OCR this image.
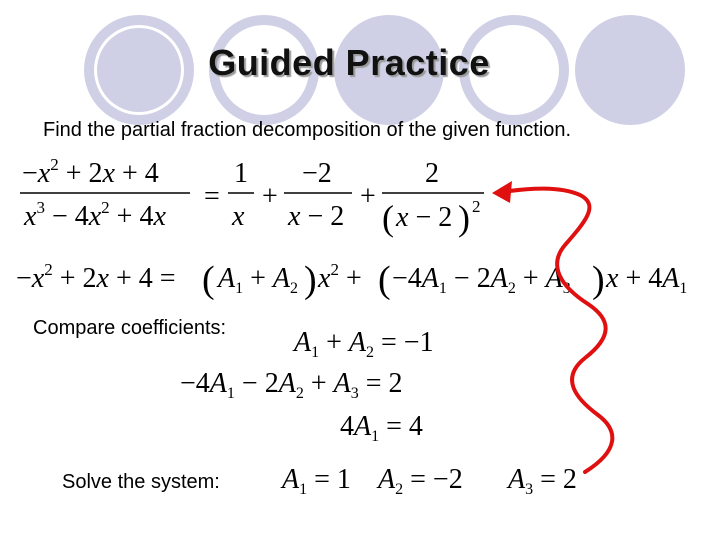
Guided Practice
Find the partial fraction decomposition of the given function.
Compare coefficients:
Solve the system:
$-x^2 + 2x + 4$
$x^3 - 4x^2 + 4x$
=
1
x
+
−2
x − 2
+
2
( x − 2 ) 2
$-x^2 + 2x + 4$ = ( $A_1 + A_2$ ) $x^2$ + ( $-4A_1 - 2A_2 + A_3$ ) $x + 4A_1$
$A_1 + A_2 = -1$
$-4A_1 - 2A_2 + A_3 = 2$
$4A_1 = 4$
$A_1 = 1$ $A_2 = -2$ $A_3 = 2$
